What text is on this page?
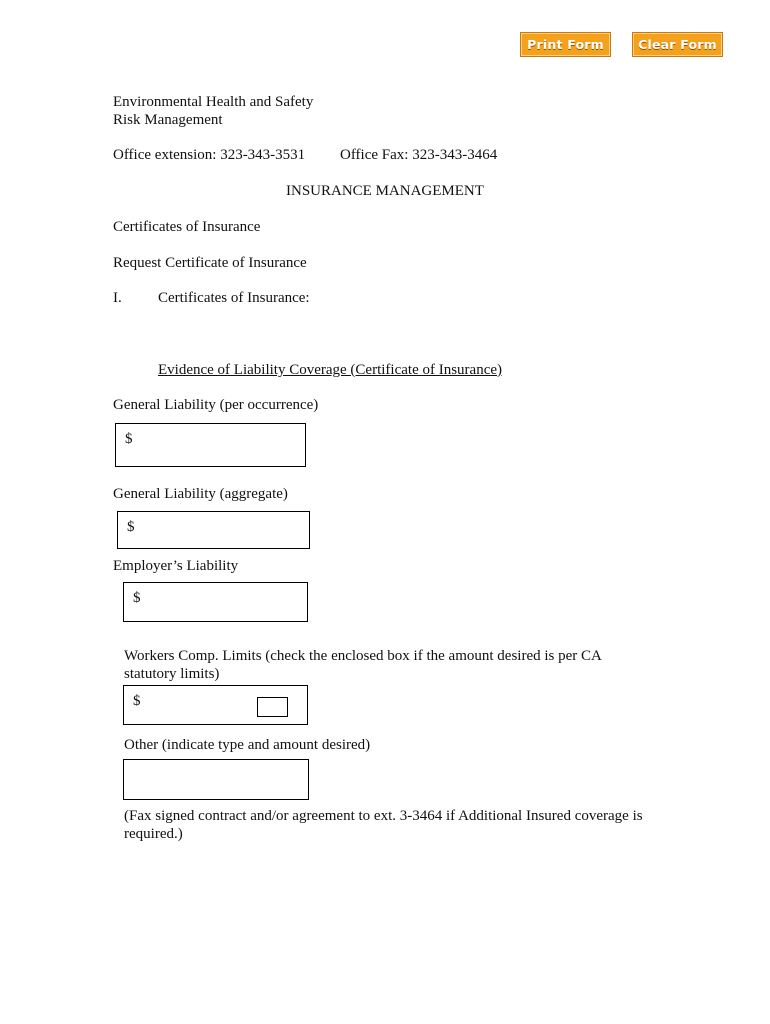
Print Form	Clear Form
Environmental Health and Safety
Risk Management
Office extension: 323-343-3531 Office Fax: 323-343-3464
INSURANCE MANAGEMENT
Certificates of Insurance
Request Certificate of Insurance
I. Certificates of Insurance:
Evidence of Liability Coverage (Certificate of Insurance)
General Liability (per occurrence)
$
General Liability (aggregate)
$
Employer’s Liability
$
Workers Comp. Limits (check the enclosed box if the amount desired is per CA
statutory limits)
$
Other (indicate type and amount desired)
(Fax signed contract and/or agreement to ext. 3-3464 if Additional Insured coverage is
required.)
